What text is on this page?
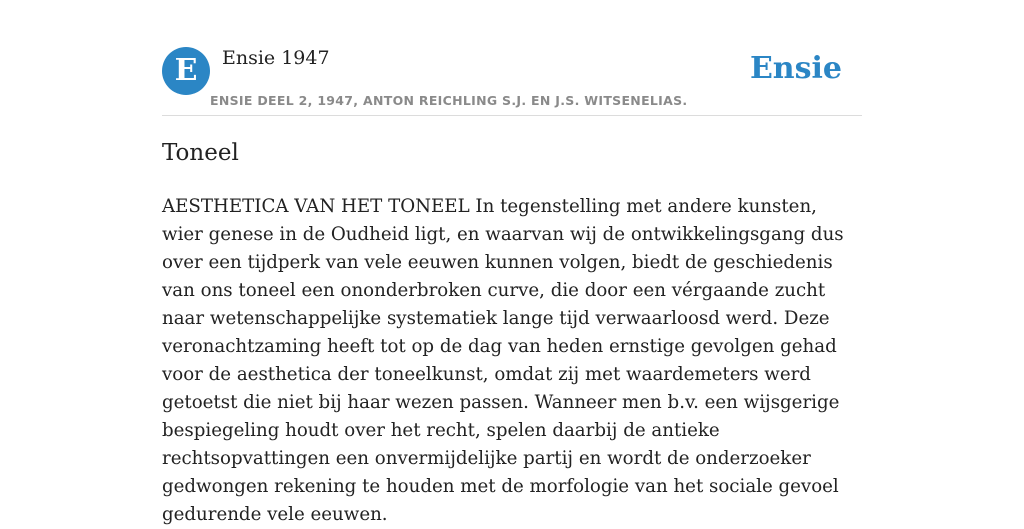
E	Ensie 1947
ENSIE DEEL 2, 1947, ANTON REICHLING S.J. EN J.S. WITSENELIAS.
Ensie
Toneel

AESTHETICA VAN HET TONEEL In tegenstelling met andere kunsten, wier genese in de Oudheid ligt, en waarvan wij de ontwikkelingsgang dus over een tijdperk van vele eeuwen kunnen volgen, biedt de geschiedenis van ons toneel een ononderbroken curve, die door een vérgaande zucht naar wetenschappelijke systematiek lange tijd verwaarloosd werd. Deze veronachtzaming heeft tot op de dag van heden ernstige gevolgen gehad voor de aesthetica der toneelkunst, omdat zij met waardemeters werd getoetst die niet bij haar wezen passen. Wanneer men b.v. een wijsgerige bespiegeling houdt over het recht, spelen daarbij de antieke rechtsopvattingen een onvermijdelijke partij en wordt de onderzoeker gedwongen rekening te houden met de morfologie van het sociale gevoel gedurende vele eeuwen.
